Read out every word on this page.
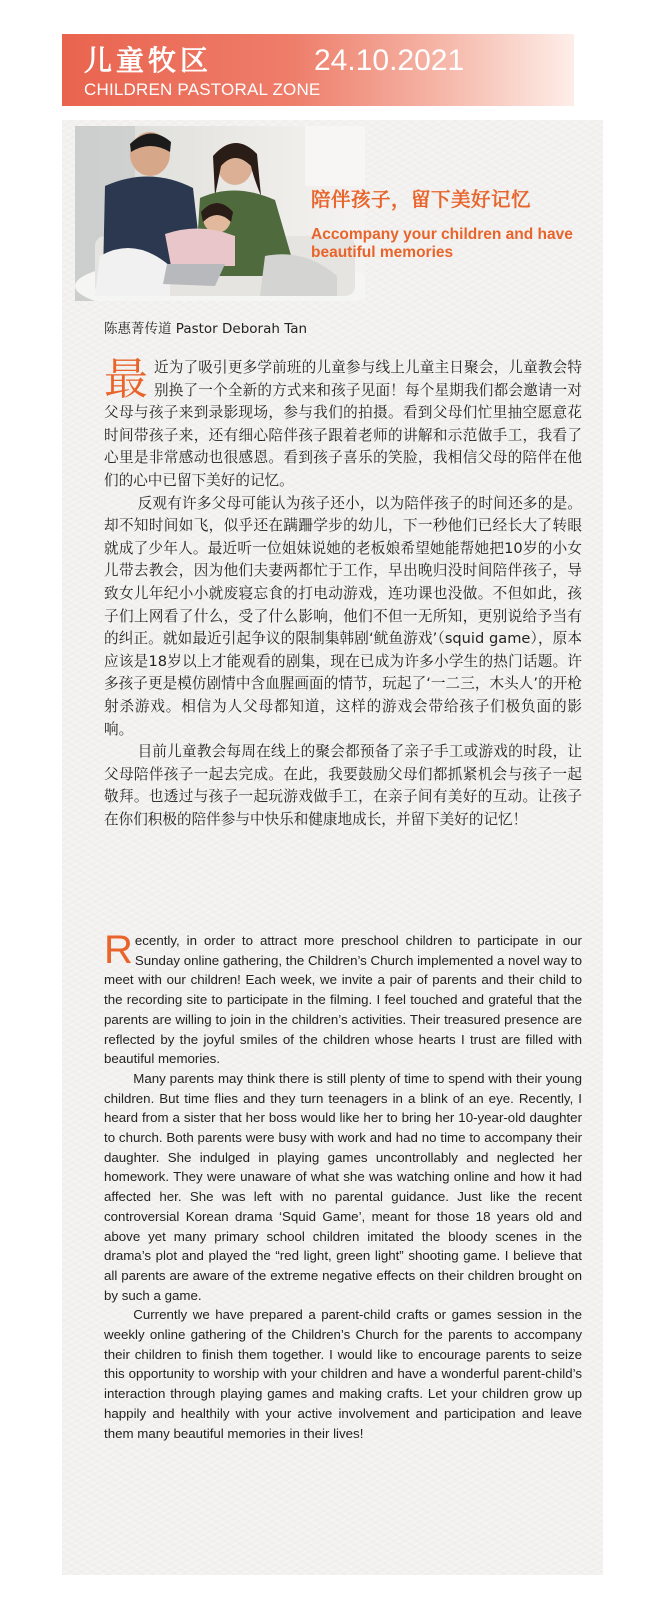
儿童牧区
CHILDREN PASTORAL ZONE
24.10.2021
陪伴孩子，留下美好记忆
Accompany your children and have beautiful memories
陈惠菁传道 Pastor Deborah Tan

最近为了吸引更多学前班的儿童参与线上儿童主日聚会，儿童教会特别换了一个全新的方式来和孩子见面！每个星期我们都会邀请一对父母与孩子来到录影现场，参与我们的拍摄。看到父母们忙里抽空愿意花时间带孩子来，还有细心陪伴孩子跟着老师的讲解和示范做手工，我看了心里是非常感动也很感恩。看到孩子喜乐的笑脸，我相信父母的陪伴在他们的心中已留下美好的记忆。

反观有许多父母可能认为孩子还小，以为陪伴孩子的时间还多的是。却不知时间如飞，似乎还在蹒跚学步的幼儿，下一秒他们已经长大了转眼就成了少年人。最近听一位姐妹说她的老板娘希望她能帮她把10岁的小女儿带去教会，因为他们夫妻两都忙于工作，早出晚归没时间陪伴孩子，导致女儿年纪小小就废寝忘食的打电动游戏，连功课也没做。不但如此，孩子们上网看了什么，受了什么影响，他们不但一无所知，更别说给予当有的纠正。就如最近引起争议的限制集韩剧‘鱿鱼游戏’（squid game），原本应该是18岁以上才能观看的剧集，现在已成为许多小学生的热门话题。许多孩子更是模仿剧情中含血腥画面的情节，玩起了‘一二三，木头人’的开枪射杀游戏。相信为人父母都知道，这样的游戏会带给孩子们极负面的影响。

目前儿童教会每周在线上的聚会都预备了亲子手工或游戏的时段，让父母陪伴孩子一起去完成。在此，我要鼓励父母们都抓紧机会与孩子一起敬拜。也透过与孩子一起玩游戏做手工，在亲子间有美好的互动。让孩子在你们积极的陪伴参与中快乐和健康地成长，并留下美好的记忆！

Recently, in order to attract more preschool children to participate in our Sunday online gathering, the Children’s Church implemented a novel way to meet with our children! Each week, we invite a pair of parents and their child to the recording site to participate in the filming. I feel touched and grateful that the parents are willing to join in the children’s activities. Their treasured presence are reflected by the joyful smiles of the children whose hearts I trust are filled with beautiful memories.

Many parents may think there is still plenty of time to spend with their young children. But time flies and they turn teenagers in a blink of an eye. Recently, I heard from a sister that her boss would like her to bring her 10-year-old daughter to church. Both parents were busy with work and had no time to accompany their daughter. She indulged in playing games uncontrollably and neglected her homework. They were unaware of what she was watching online and how it had affected her. She was left with no parental guidance. Just like the recent controversial Korean drama ‘Squid Game’, meant for those 18 years old and above yet many primary school children imitated the bloody scenes in the drama’s plot and played the “red light, green light” shooting game. I believe that all parents are aware of the extreme negative effects on their children brought on by such a game.

Currently we have prepared a parent-child crafts or games session in the weekly online gathering of the Children’s Church for the parents to accompany their children to finish them together. I would like to encourage parents to seize this opportunity to worship with your children and have a wonderful parent-child’s interaction through playing games and making crafts. Let your children grow up happily and healthily with your active involvement and participation and leave them many beautiful memories in their lives!
